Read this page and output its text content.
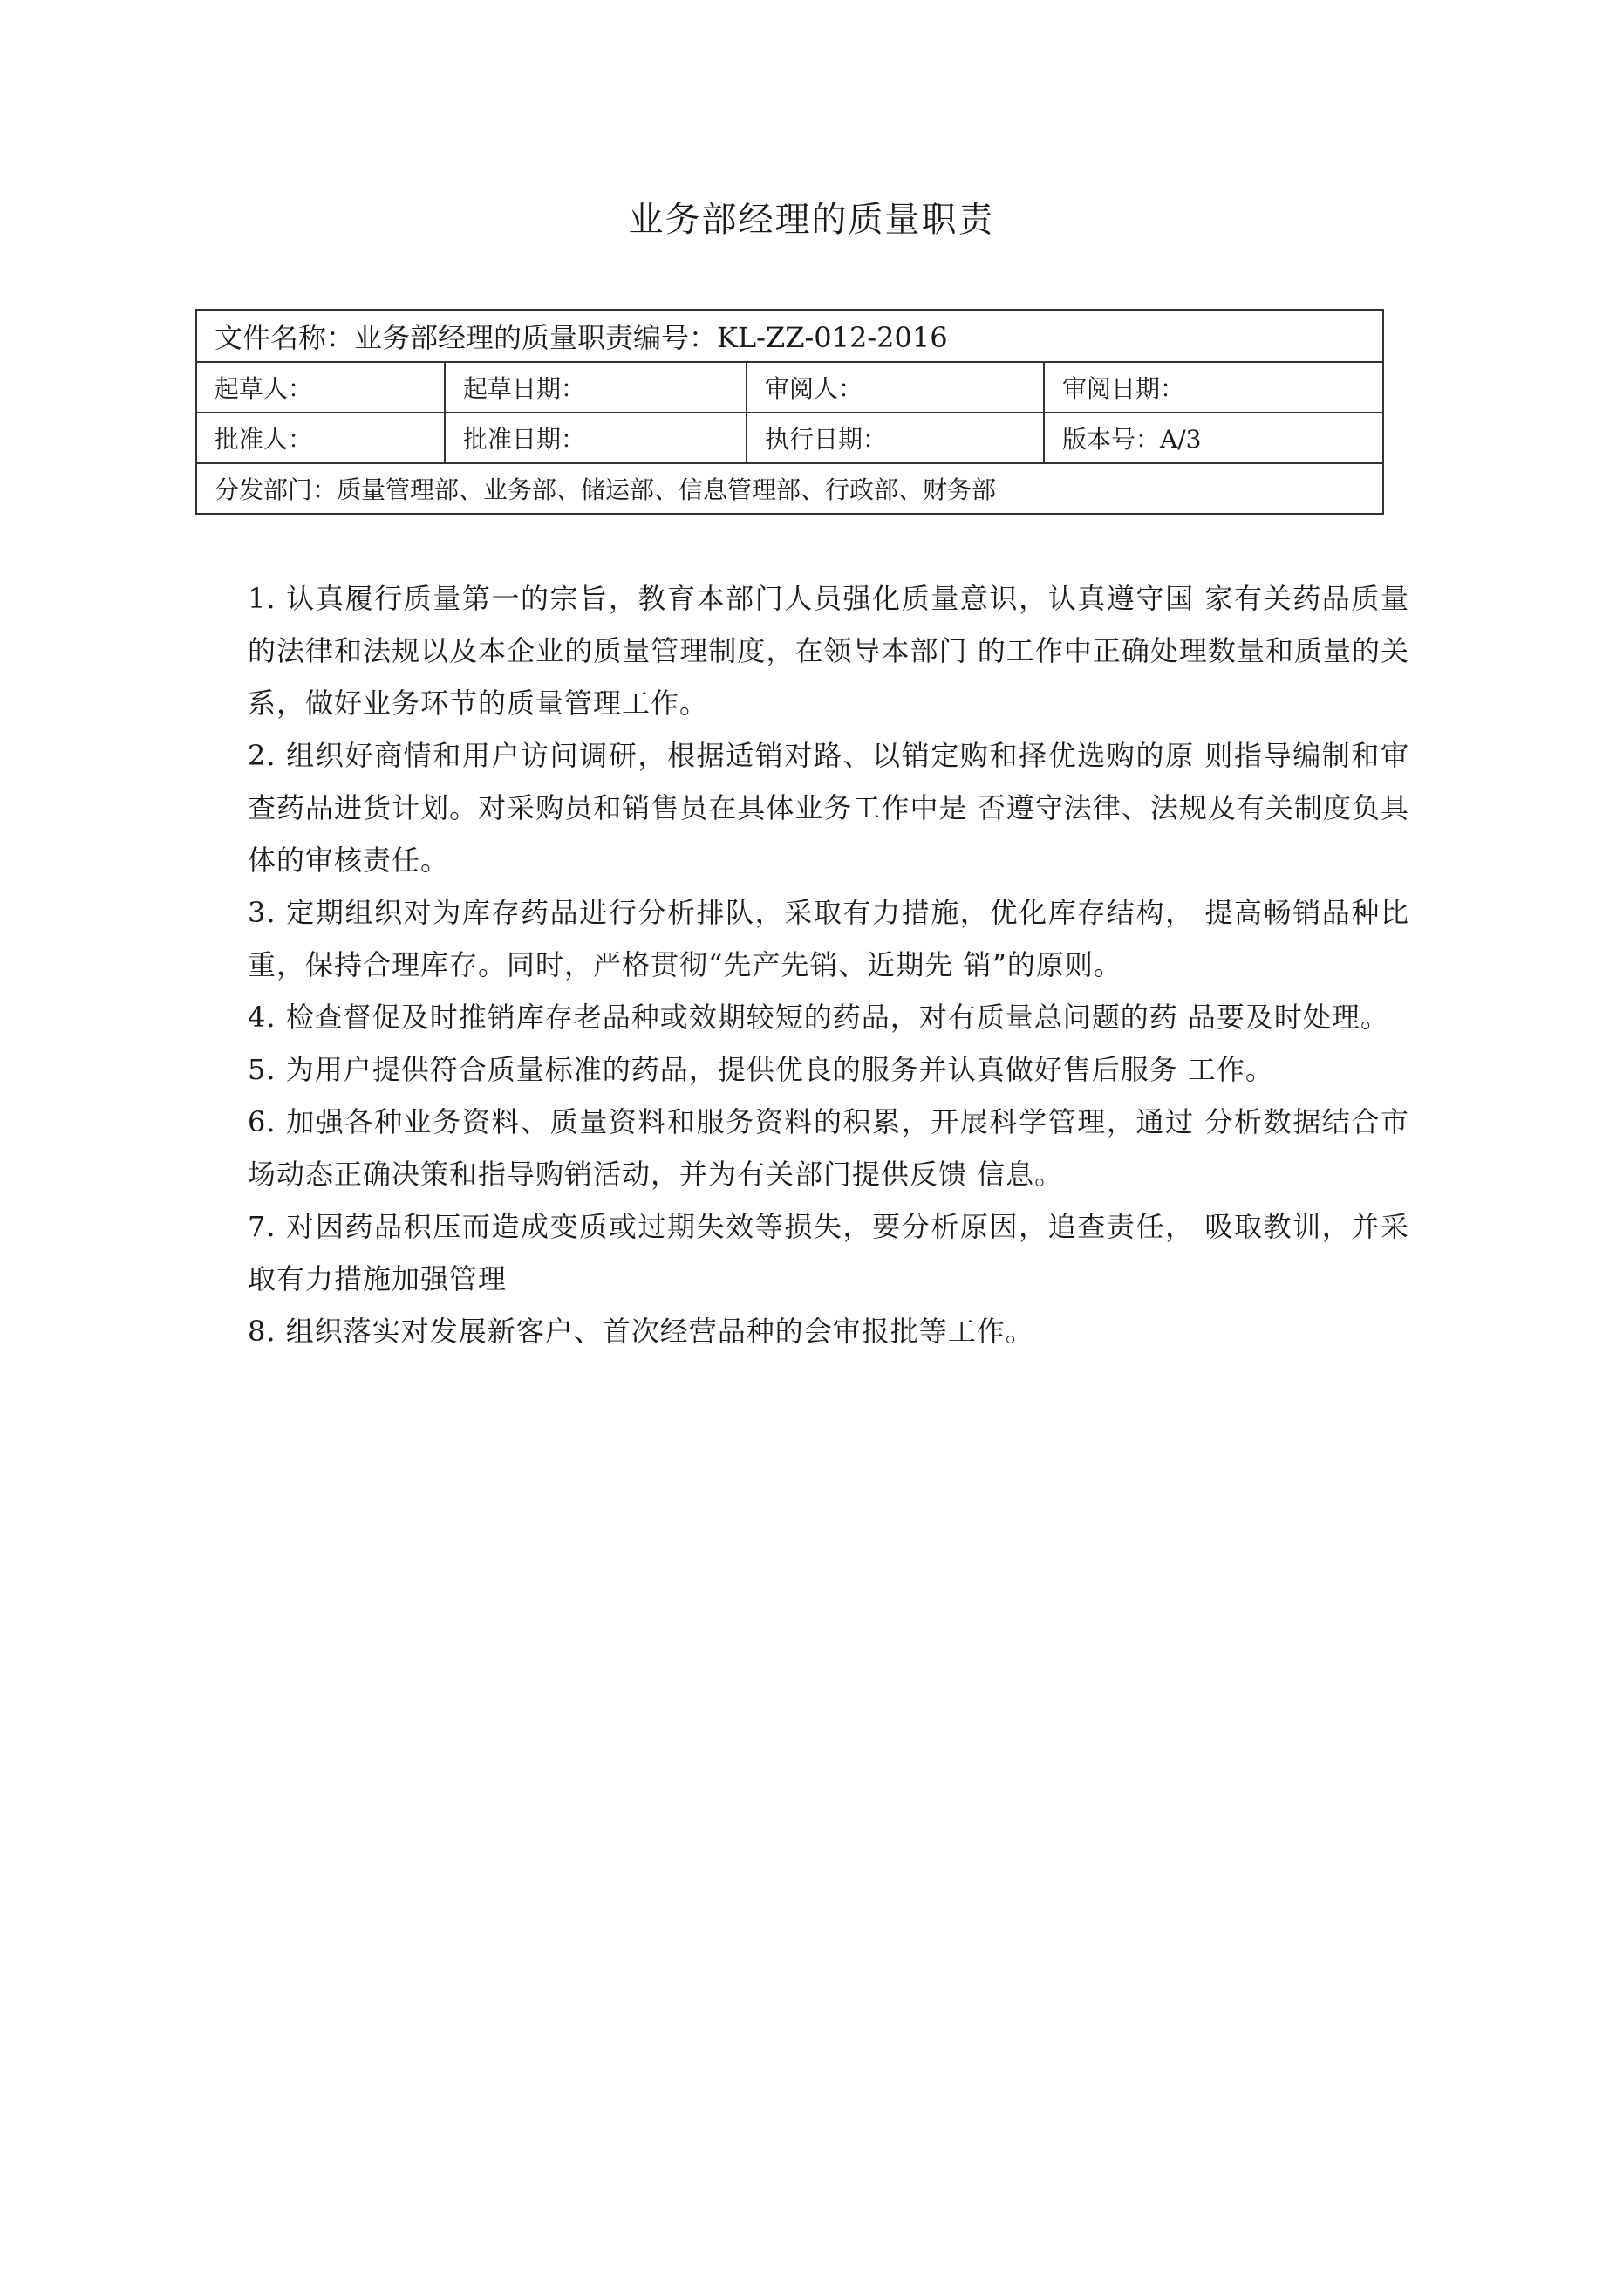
业务部经理的质量职责
文件名称：业务部经理的质量职责编号：KL-ZZ-012-2016			
起草人：	起草日期：	审阅人：	审阅日期：
批准人：	批准日期：	执行日期：	版本号：A/3
分发部门：质量管理部、业务部、储运部、信息管理部、行政部、财务部			

1. 认真履行质量第一的宗旨，教育本部门人员强化质量意识，认真遵守国 家有关药品质量的法律和法规以及本企业的质量管理制度，在领导本部门 的工作中正确处理数量和质量的关系，做好业务环节的质量管理工作。

2. 组织好商情和用户访问调研，根据适销对路、以销定购和择优选购的原 则指导编制和审查药品进货计划。对采购员和销售员在具体业务工作中是 否遵守法律、法规及有关制度负具体的审核责任。

3. 定期组织对为库存药品进行分析排队，采取有力措施，优化库存结构， 提高畅销品种比重，保持合理库存。同时，严格贯彻“先产先销、近期先 销”的原则。

4. 检查督促及时推销库存老品种或效期较短的药品，对有质量总问题的药 品要及时处理。

5. 为用户提供符合质量标准的药品，提供优良的服务并认真做好售后服务 工作。

6. 加强各种业务资料、质量资料和服务资料的积累，开展科学管理，通过 分析数据结合市场动态正确决策和指导购销活动，并为有关部门提供反馈 信息。

7. 对因药品积压而造成变质或过期失效等损失，要分析原因，追查责任， 吸取教训，并采取有力措施加强管理

8. 组织落实对发展新客户、首次经营品种的会审报批等工作。
